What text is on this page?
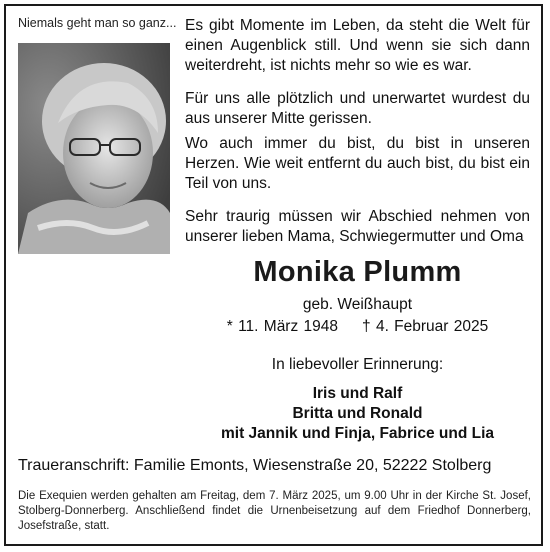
Niemals geht man so ganz... Es gibt Momente im Leben, da steht die Welt für einen Augenblick still. Und wenn sie sich dann weiterdreht, ist nichts mehr so wie es war.
Für uns alle plötzlich und unerwartet wurdest du aus unserer Mitte gerissen.
Wo auch immer du bist, du bist in unseren Herzen. Wie weit entfernt du auch bist, du bist ein Teil von uns.
Sehr traurig müssen wir Abschied nehmen von unserer lieben Mama, Schwiegermutter und Oma
Monika Plumm
geb. Weißhaupt
* 11. März 1948 † 4. Februar 2025
In liebevoller Erinnerung:
Iris und Ralf
Britta und Ronald
mit Jannik und Finja, Fabrice und Lia
Traueranschrift: Familie Emonts, Wiesenstraße 20, 52222 Stolberg
Die Exequien werden gehalten am Freitag, dem 7. März 2025, um 9.00 Uhr in der Kirche St. Josef, Stolberg-Donnerberg. Anschließend findet die Urnenbeisetzung auf dem Friedhof Donnerberg, Josefstraße, statt.
